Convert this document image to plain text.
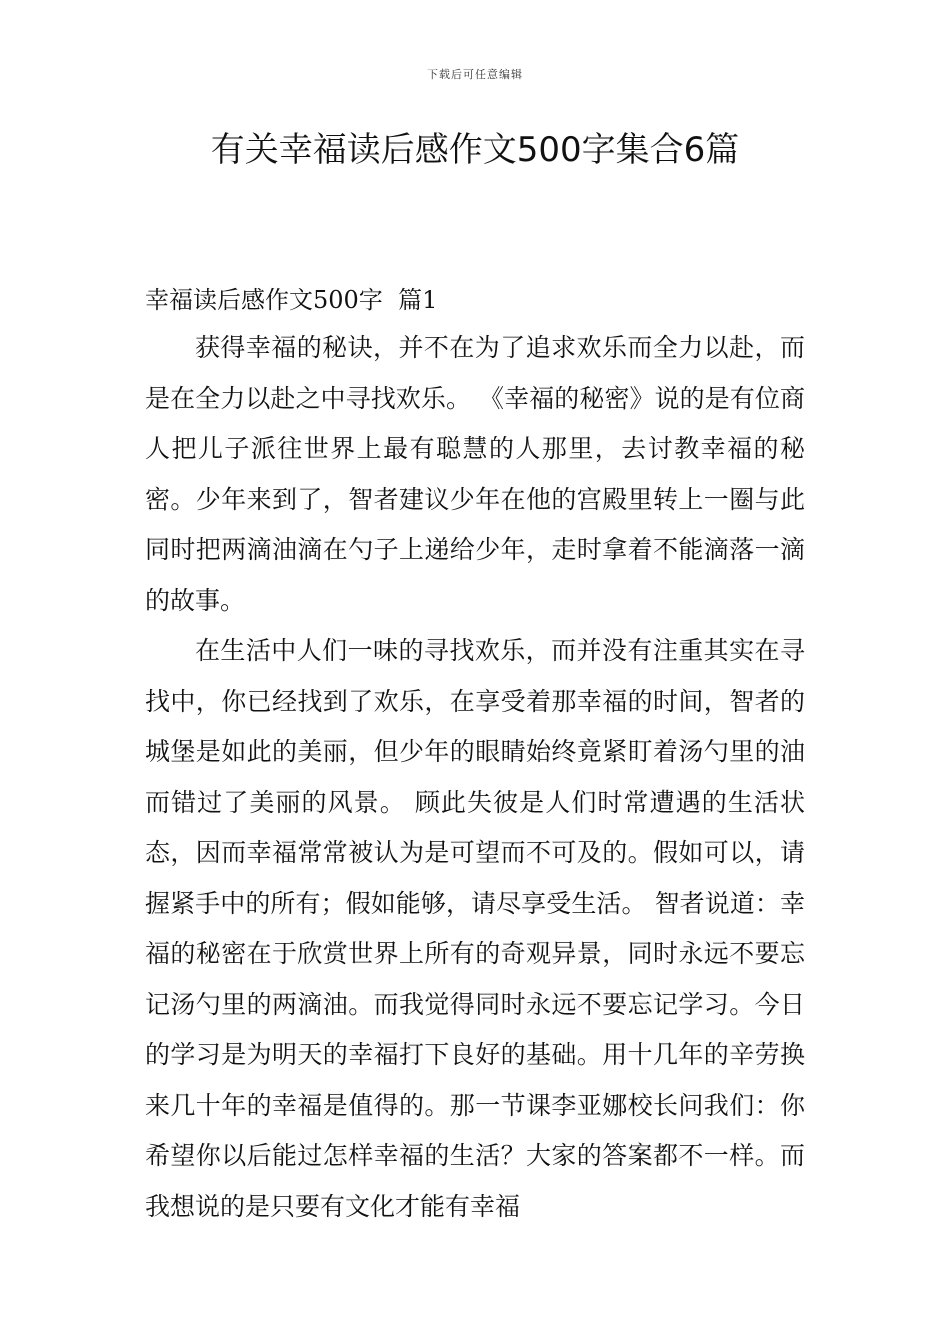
下载后可任意编辑
有关幸福读后感作文500字集合6篇
幸福读后感作文500字  篇1

获得幸福的秘诀，并不在为了追求欢乐而全力以赴，而是在全力以赴之中寻找欢乐。 《幸福的秘密》说的是有位商人把儿子派往世界上最有聪慧的人那里，去讨教幸福的秘密。少年来到了，智者建议少年在他的宫殿里转上一圈与此同时把两滴油滴在勺子上递给少年，走时拿着不能滴落一滴的故事。

在生活中人们一味的寻找欢乐，而并没有注重其实在寻找中，你已经找到了欢乐，在享受着那幸福的时间，智者的城堡是如此的美丽，但少年的眼睛始终竟紧盯着汤勺里的油而错过了美丽的风景。 顾此失彼是人们时常遭遇的生活状态，因而幸福常常被认为是可望而不可及的。假如可以，请握紧手中的所有；假如能够，请尽享受生活。 智者说道：幸福的秘密在于欣赏世界上所有的奇观异景，同时永远不要忘记汤勺里的两滴油。而我觉得同时永远不要忘记学习。今日的学习是为明天的幸福打下良好的基础。用十几年的辛劳换来几十年的幸福是值得的。那一节课李亚娜校长问我们：你希望你以后能过怎样幸福的生活？大家的答案都不一样。而我想说的是只要有文化才能有幸福
